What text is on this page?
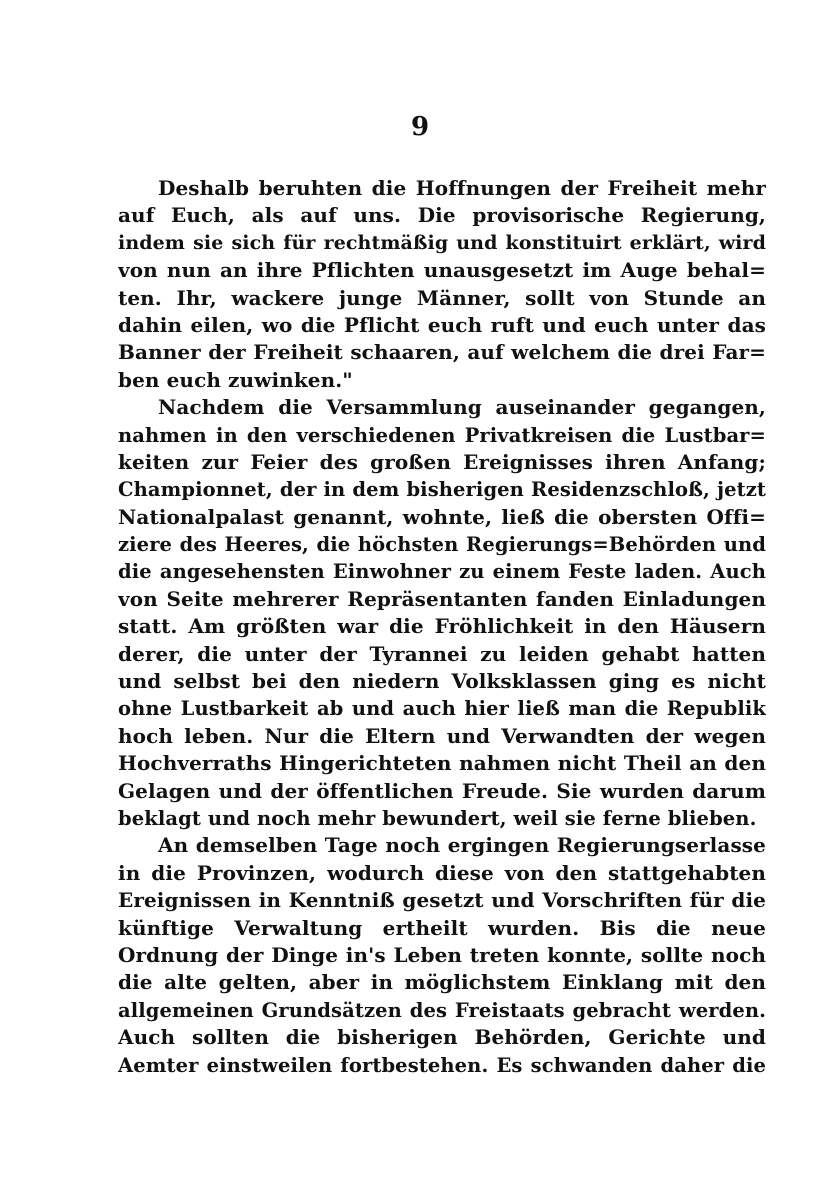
9
Deshalb beruhten die Hoffnungen der Freiheit mehr
auf Euch, als auf uns. Die provisorische Regierung,
indem sie sich für rechtmäßig und konstituirt erklärt, wird
von nun an ihre Pflichten unausgesetzt im Auge behal=
ten. Ihr, wackere junge Männer, sollt von Stunde an
dahin eilen, wo die Pflicht euch ruft und euch unter das
Banner der Freiheit schaaren, auf welchem die drei Far=
ben euch zuwinken."
Nachdem die Versammlung auseinander gegangen,
nahmen in den verschiedenen Privatkreisen die Lustbar=
keiten zur Feier des großen Ereignisses ihren Anfang;
Championnet, der in dem bisherigen Residenzschloß, jetzt
Nationalpalast genannt, wohnte, ließ die obersten Offi=
ziere des Heeres, die höchsten Regierungs=Behörden und
die angesehensten Einwohner zu einem Feste laden. Auch
von Seite mehrerer Repräsentanten fanden Einladungen
statt. Am größten war die Fröhlichkeit in den Häusern
derer, die unter der Tyrannei zu leiden gehabt hatten
und selbst bei den niedern Volksklassen ging es nicht
ohne Lustbarkeit ab und auch hier ließ man die Republik
hoch leben. Nur die Eltern und Verwandten der wegen
Hochverraths Hingerichteten nahmen nicht Theil an den
Gelagen und der öffentlichen Freude. Sie wurden darum
beklagt und noch mehr bewundert, weil sie ferne blieben.
An demselben Tage noch ergingen Regierungserlasse
in die Provinzen, wodurch diese von den stattgehabten
Ereignissen in Kenntniß gesetzt und Vorschriften für die
künftige Verwaltung ertheilt wurden. Bis die neue
Ordnung der Dinge in's Leben treten konnte, sollte noch
die alte gelten, aber in möglichstem Einklang mit den
allgemeinen Grundsätzen des Freistaats gebracht werden.
Auch sollten die bisherigen Behörden, Gerichte und
Aemter einstweilen fortbestehen. Es schwanden daher die
